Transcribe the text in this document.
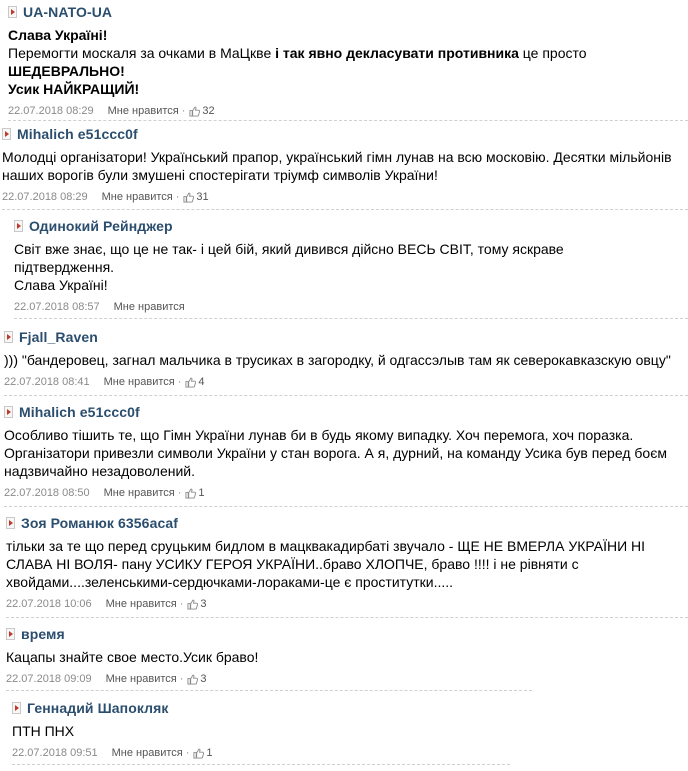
UA-NATO-UA

Слава Україні!

Перемогти москаля за очками в МаЦкве і так явно декласувати противника це просто

ШЕДЕВРАЛЬНО!

Усик НАЙКРАЩИЙ!

22.07.2018 08:29 Мне нравится · 32
Mihalich e51ccc0f

Молодці організатори! Український прапор, український гімн лунав на всю московію. Десятки мільйонів

наших ворогів були змушені спостерігати тріумф символів України!

22.07.2018 08:29 Мне нравится · 31
Одинокий Рейнджер

Світ вже знає, що це не так- і цей бій, який дивився дійсно ВЕСЬ СВІТ, тому яскраве

підтвердження.

Слава Україні!

22.07.2018 08:57 Мне нравится
Fjall_Raven

))) "бандеровец, загнал мальчика в трусиках в загородку, й одгассэлыв там як северокавказскую овцу"

22.07.2018 08:41 Мне нравится · 4
Mihalich e51ccc0f

Особливо тішить те, що Гімн України лунав би в будь якому випадку. Хоч перемога, хоч поразка.

Організатори привезли символи України у стан ворога. А я, дурний, на команду Усика був перед боєм

надзвичайно незадоволений.

22.07.2018 08:50 Мне нравится · 1
Зоя Романюк 6356acaf

тільки за те що перед сруцьким бидлом в мацквакадирбаті звучало - ЩЕ НЕ ВМЕРЛА УКРАЇНИ НІ

СЛАВА НІ ВОЛЯ- пану УСИКУ ГЕРОЯ УКРАЇНИ..браво ХЛОПЧЕ, браво !!!! і не рівняти с

хвойдами....зеленськими-сердючками-лораками-це є проститутки.....

22.07.2018 10:06 Мне нравится · 3
время

Кацапы знайте свое место.Усик браво!

22.07.2018 09:09 Мне нравится · 3
Геннадий Шапокляк

ПТН ПНХ

22.07.2018 09:51 Мне нравится · 1
